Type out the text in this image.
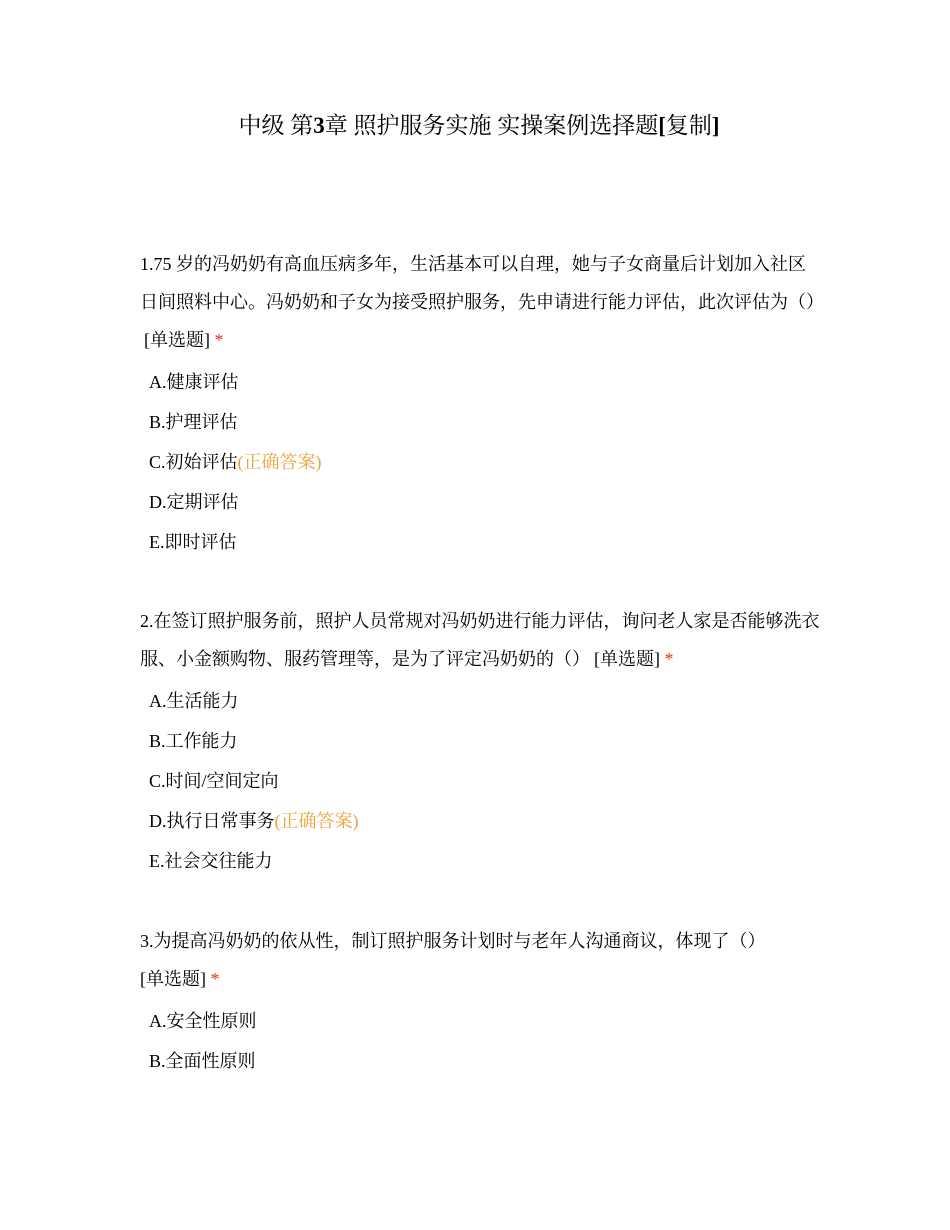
中级 第3章 照护服务实施 实操案例选择题[复制]

1.75 岁的冯奶奶有高血压病多年，生活基本可以自理，她与子女商量后计划加入社区日间照料中心。冯奶奶和子女为接受照护服务，先申请进行能力评估，此次评估为（）[单选题] *

A.健康评估
B.护理评估
C.初始评估(正确答案)
D.定期评估
E.即时评估

2.在签订照护服务前，照护人员常规对冯奶奶进行能力评估，询问老人家是否能够洗衣服、小金额购物、服药管理等，是为了评定冯奶奶的（） [单选题] *

A.生活能力
B.工作能力
C.时间/空间定向
D.执行日常事务(正确答案)
E.社会交往能力

3.为提高冯奶奶的依从性，制订照护服务计划时与老年人沟通商议，体现了（）
[单选题] *

A.安全性原则
B.全面性原则
